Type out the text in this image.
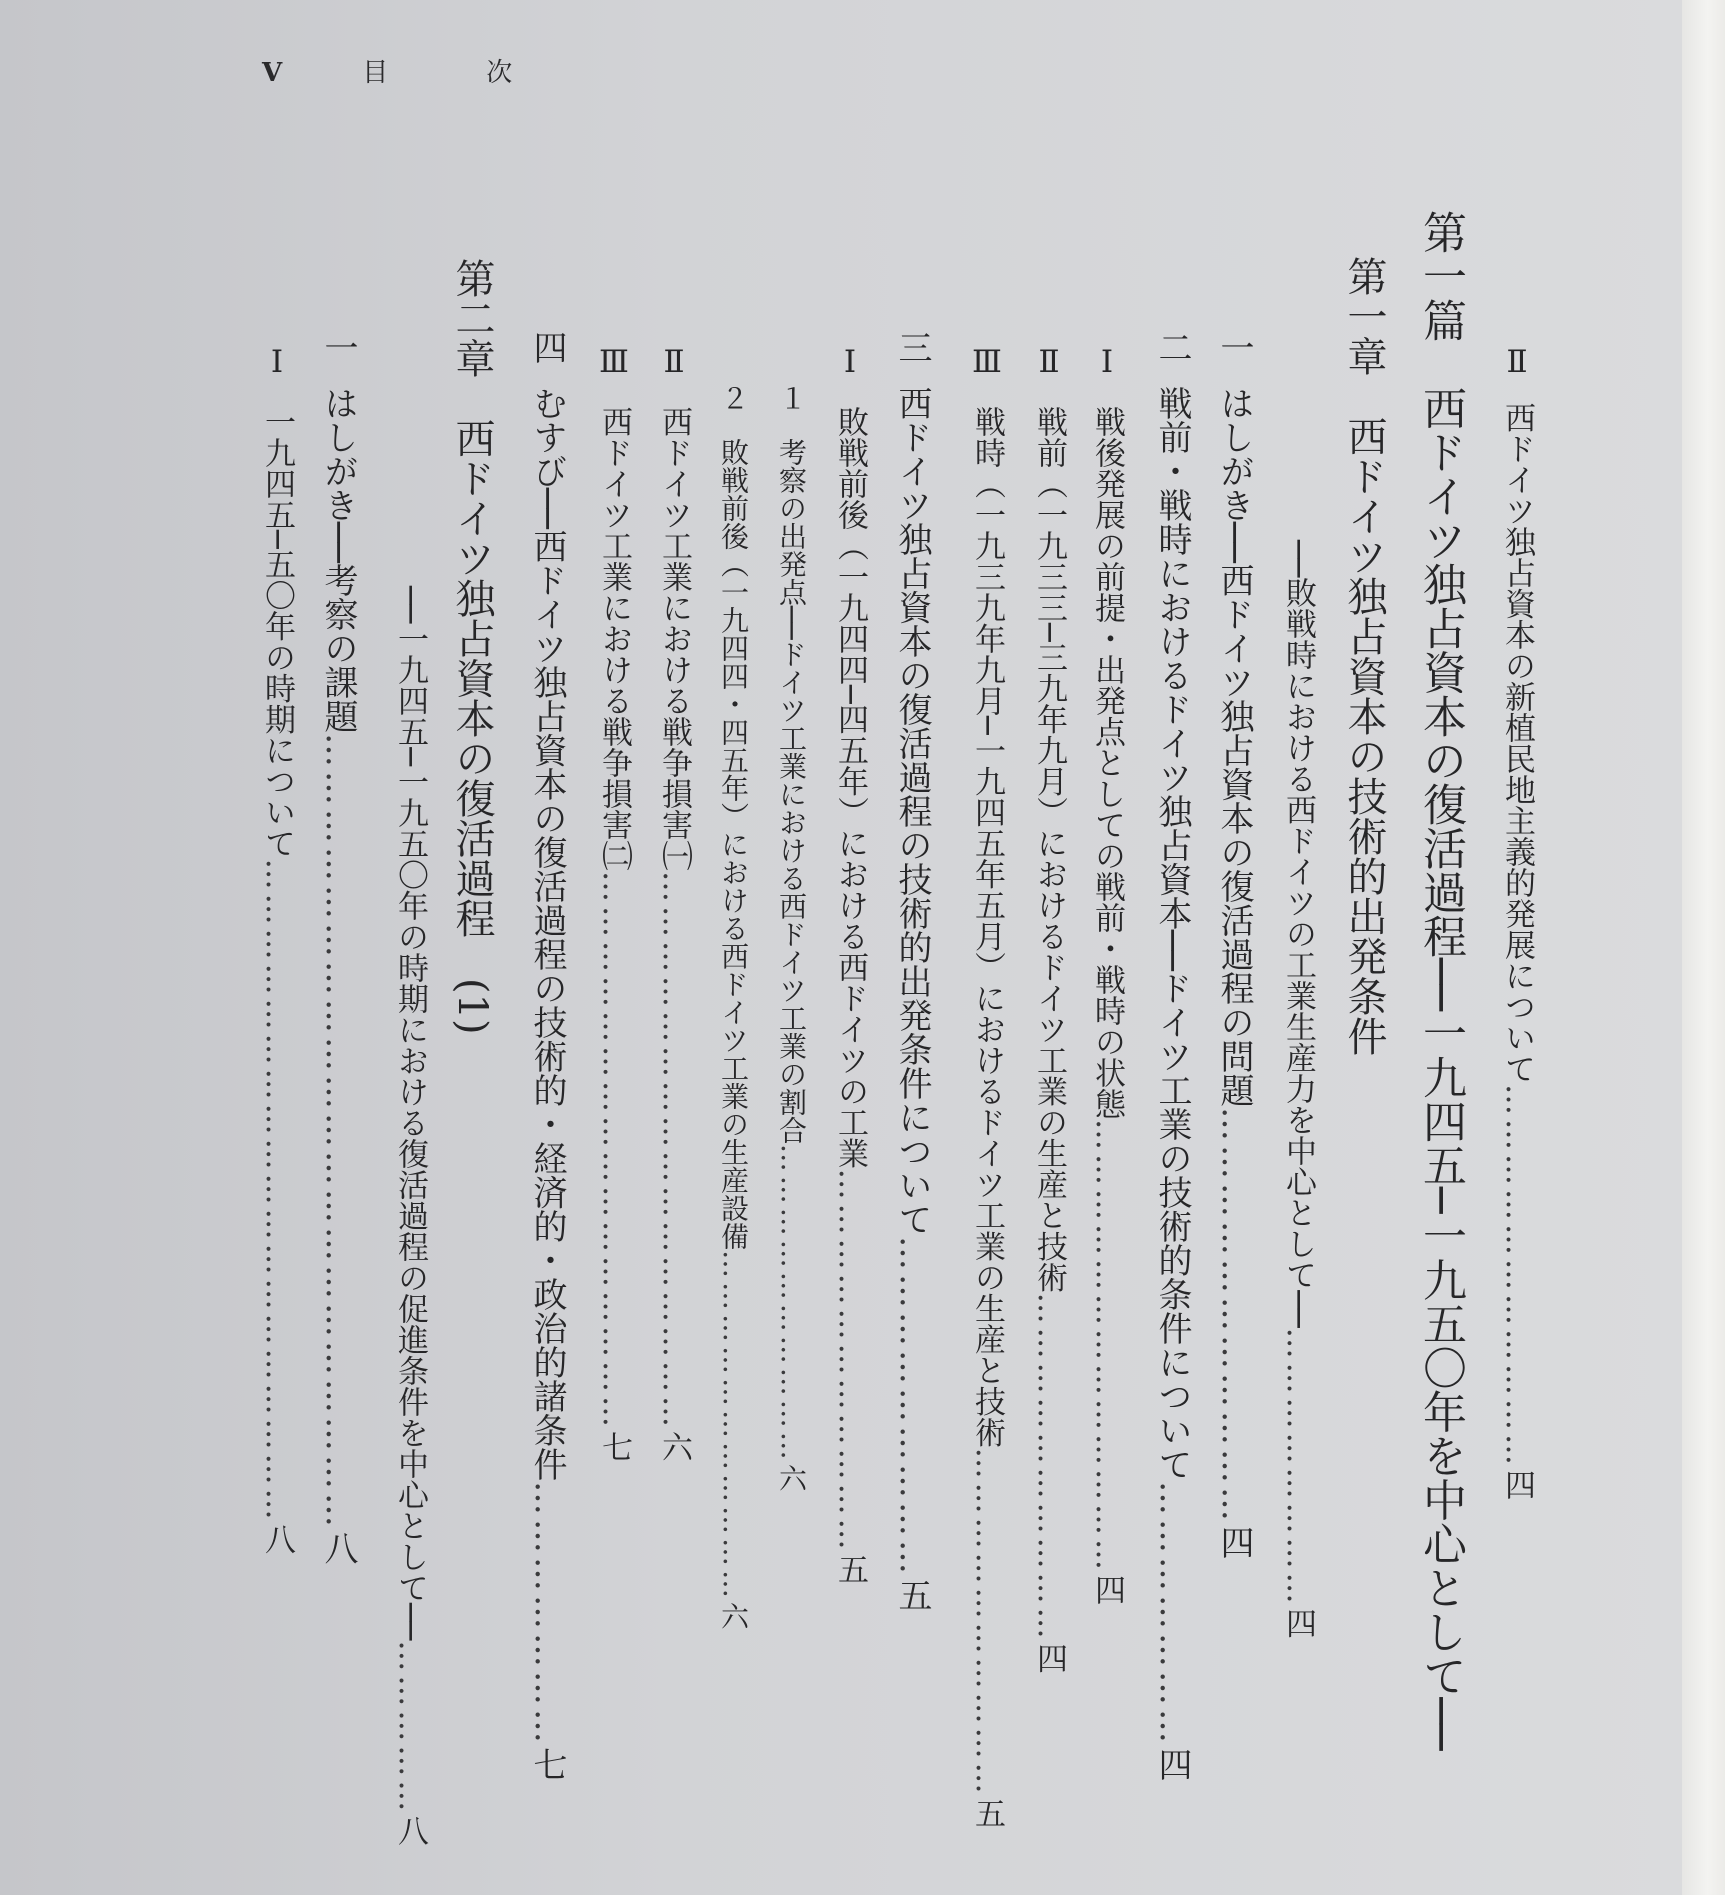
V	目	次
Ⅱ西ドイツ独占資本の新植民地主義的発展について……………………………四
第一篇　西ドイツ独占資本の復活過程──一九四五─一九五〇年を中心として──
第一章　西ドイツ独占資本の技術的出発条件
──敗戦時における西ドイツの工業生産力を中心として──……………………四
一はしがき──西ドイツ独占資本の復活過程の問題……………………………四
二戦前・戦時におけるドイツ独占資本──ドイツ工業の技術的条件について…………………四
Ⅰ戦後発展の前提・出発点としての戦前・戦時の状態…………………………………四
Ⅱ戦前（一九三三─三九年九月）におけるドイツ工業の生産と技術…………………………四
Ⅲ戦時（一九三九年九月─一九四五年五月）におけるドイツ工業の生産と技術…………………………五
三西ドイツ独占資本の復活過程の技術的出発条件について………………………五
Ⅰ敗戦前後（一九四四─四五年）における西ドイツの工業……………………………五
１考察の出発点──ドイツ工業における西ドイツ工業の割合…………………………六
２敗戦前後（一九四四・四五年）における西ドイツ工業の生産設備……………………………六
Ⅱ西ドイツ工業における戦争損害㈠…………………………………………六
Ⅲ西ドイツ工業における戦争損害㈡…………………………………………七
四むすび──西ドイツ独占資本の復活過程の技術的・経済的・政治的諸条件…………………七
第二章　西ドイツ独占資本の復活過程　(1)
──一九四五─一九五〇年の時期における復活過程の促進条件を中心として──……………八
一はしがき──考察の課題………………………………………………………八
Ⅰ一九四五─五〇年の時期について…………………………………………………八
